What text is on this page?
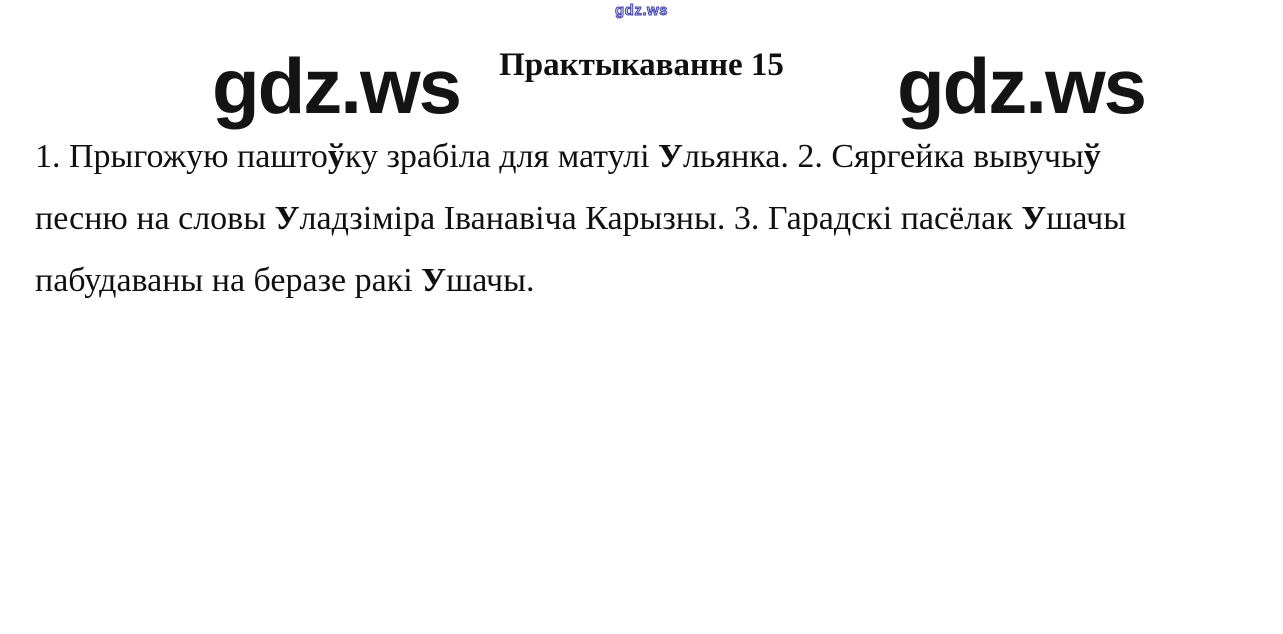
gdz.ws
gdz.ws Практыкаванне 15 gdz.ws

1. Прыгожую паштоўку зрабіла для матулі Ульянка. 2. Сяргейка вывучыў

песню на словы Уладзіміра Іванавіча Карызны. 3. Гарадскі пасёлак Ушачы

пабудаваны на беразе ракі Ушачы.
